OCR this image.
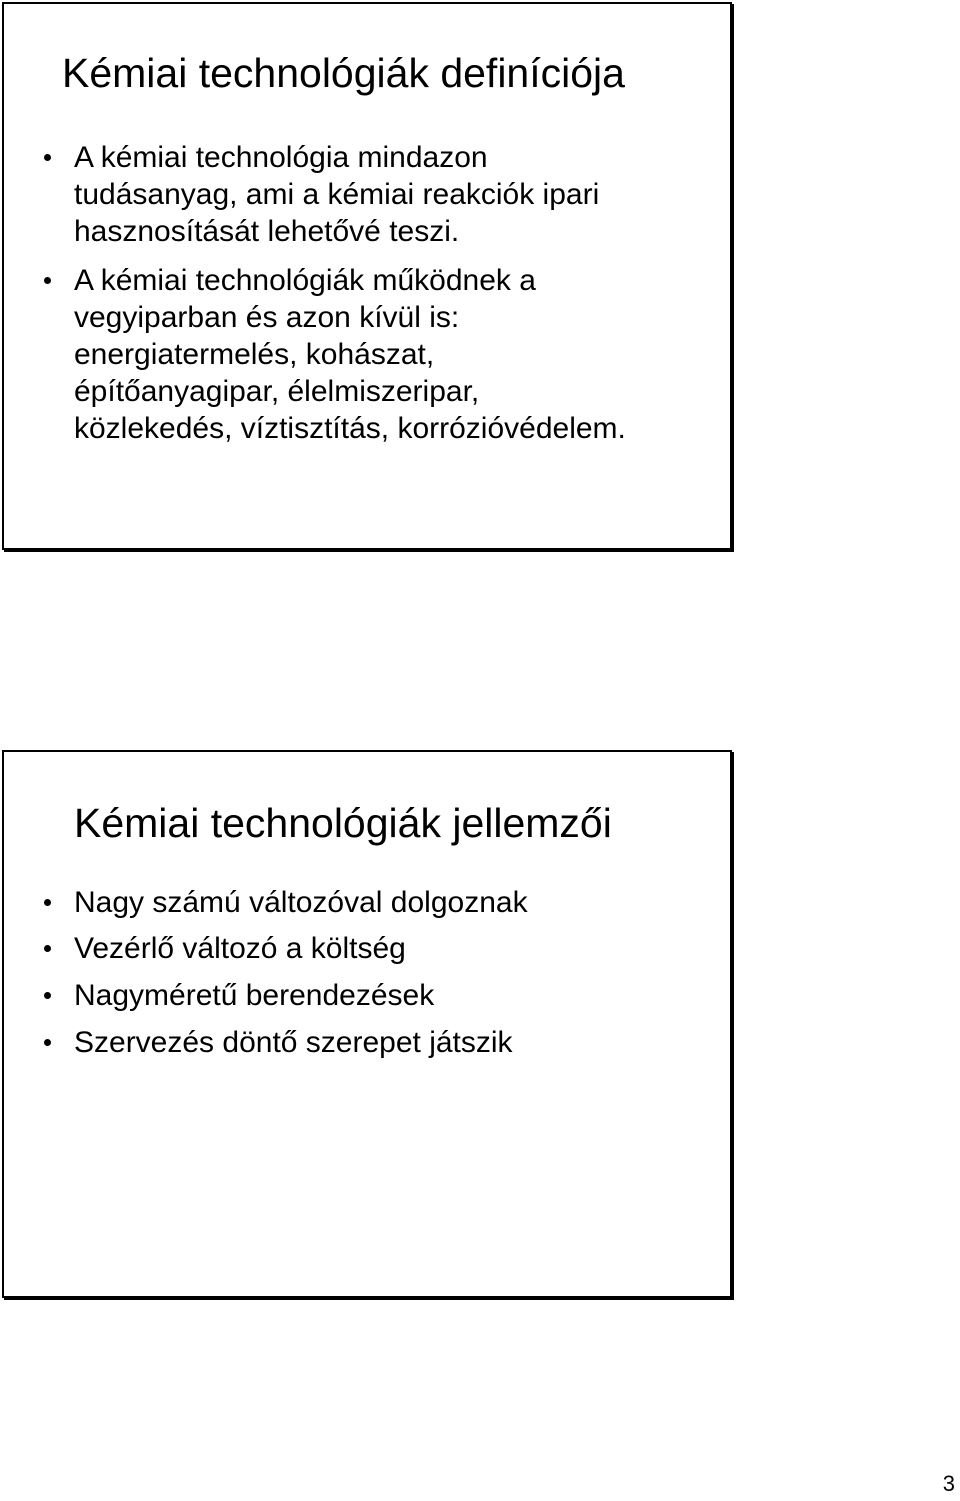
Kémiai technológiák definíciója
A kémiai technológia mindazon
tudásanyag, ami a kémiai reakciók ipari
hasznosítását lehetővé teszi.
A kémiai technológiák működnek a
vegyiparban és azon kívül is:
energiatermelés, kohászat,
építőanyagipar, élelmiszeripar,
közlekedés, víztisztítás, korrózióvédelem.
Kémiai technológiák jellemzői
Nagy számú változóval dolgoznak
Vezérlő változó a költség
Nagyméretű berendezések
Szervezés döntő szerepet játszik
3
